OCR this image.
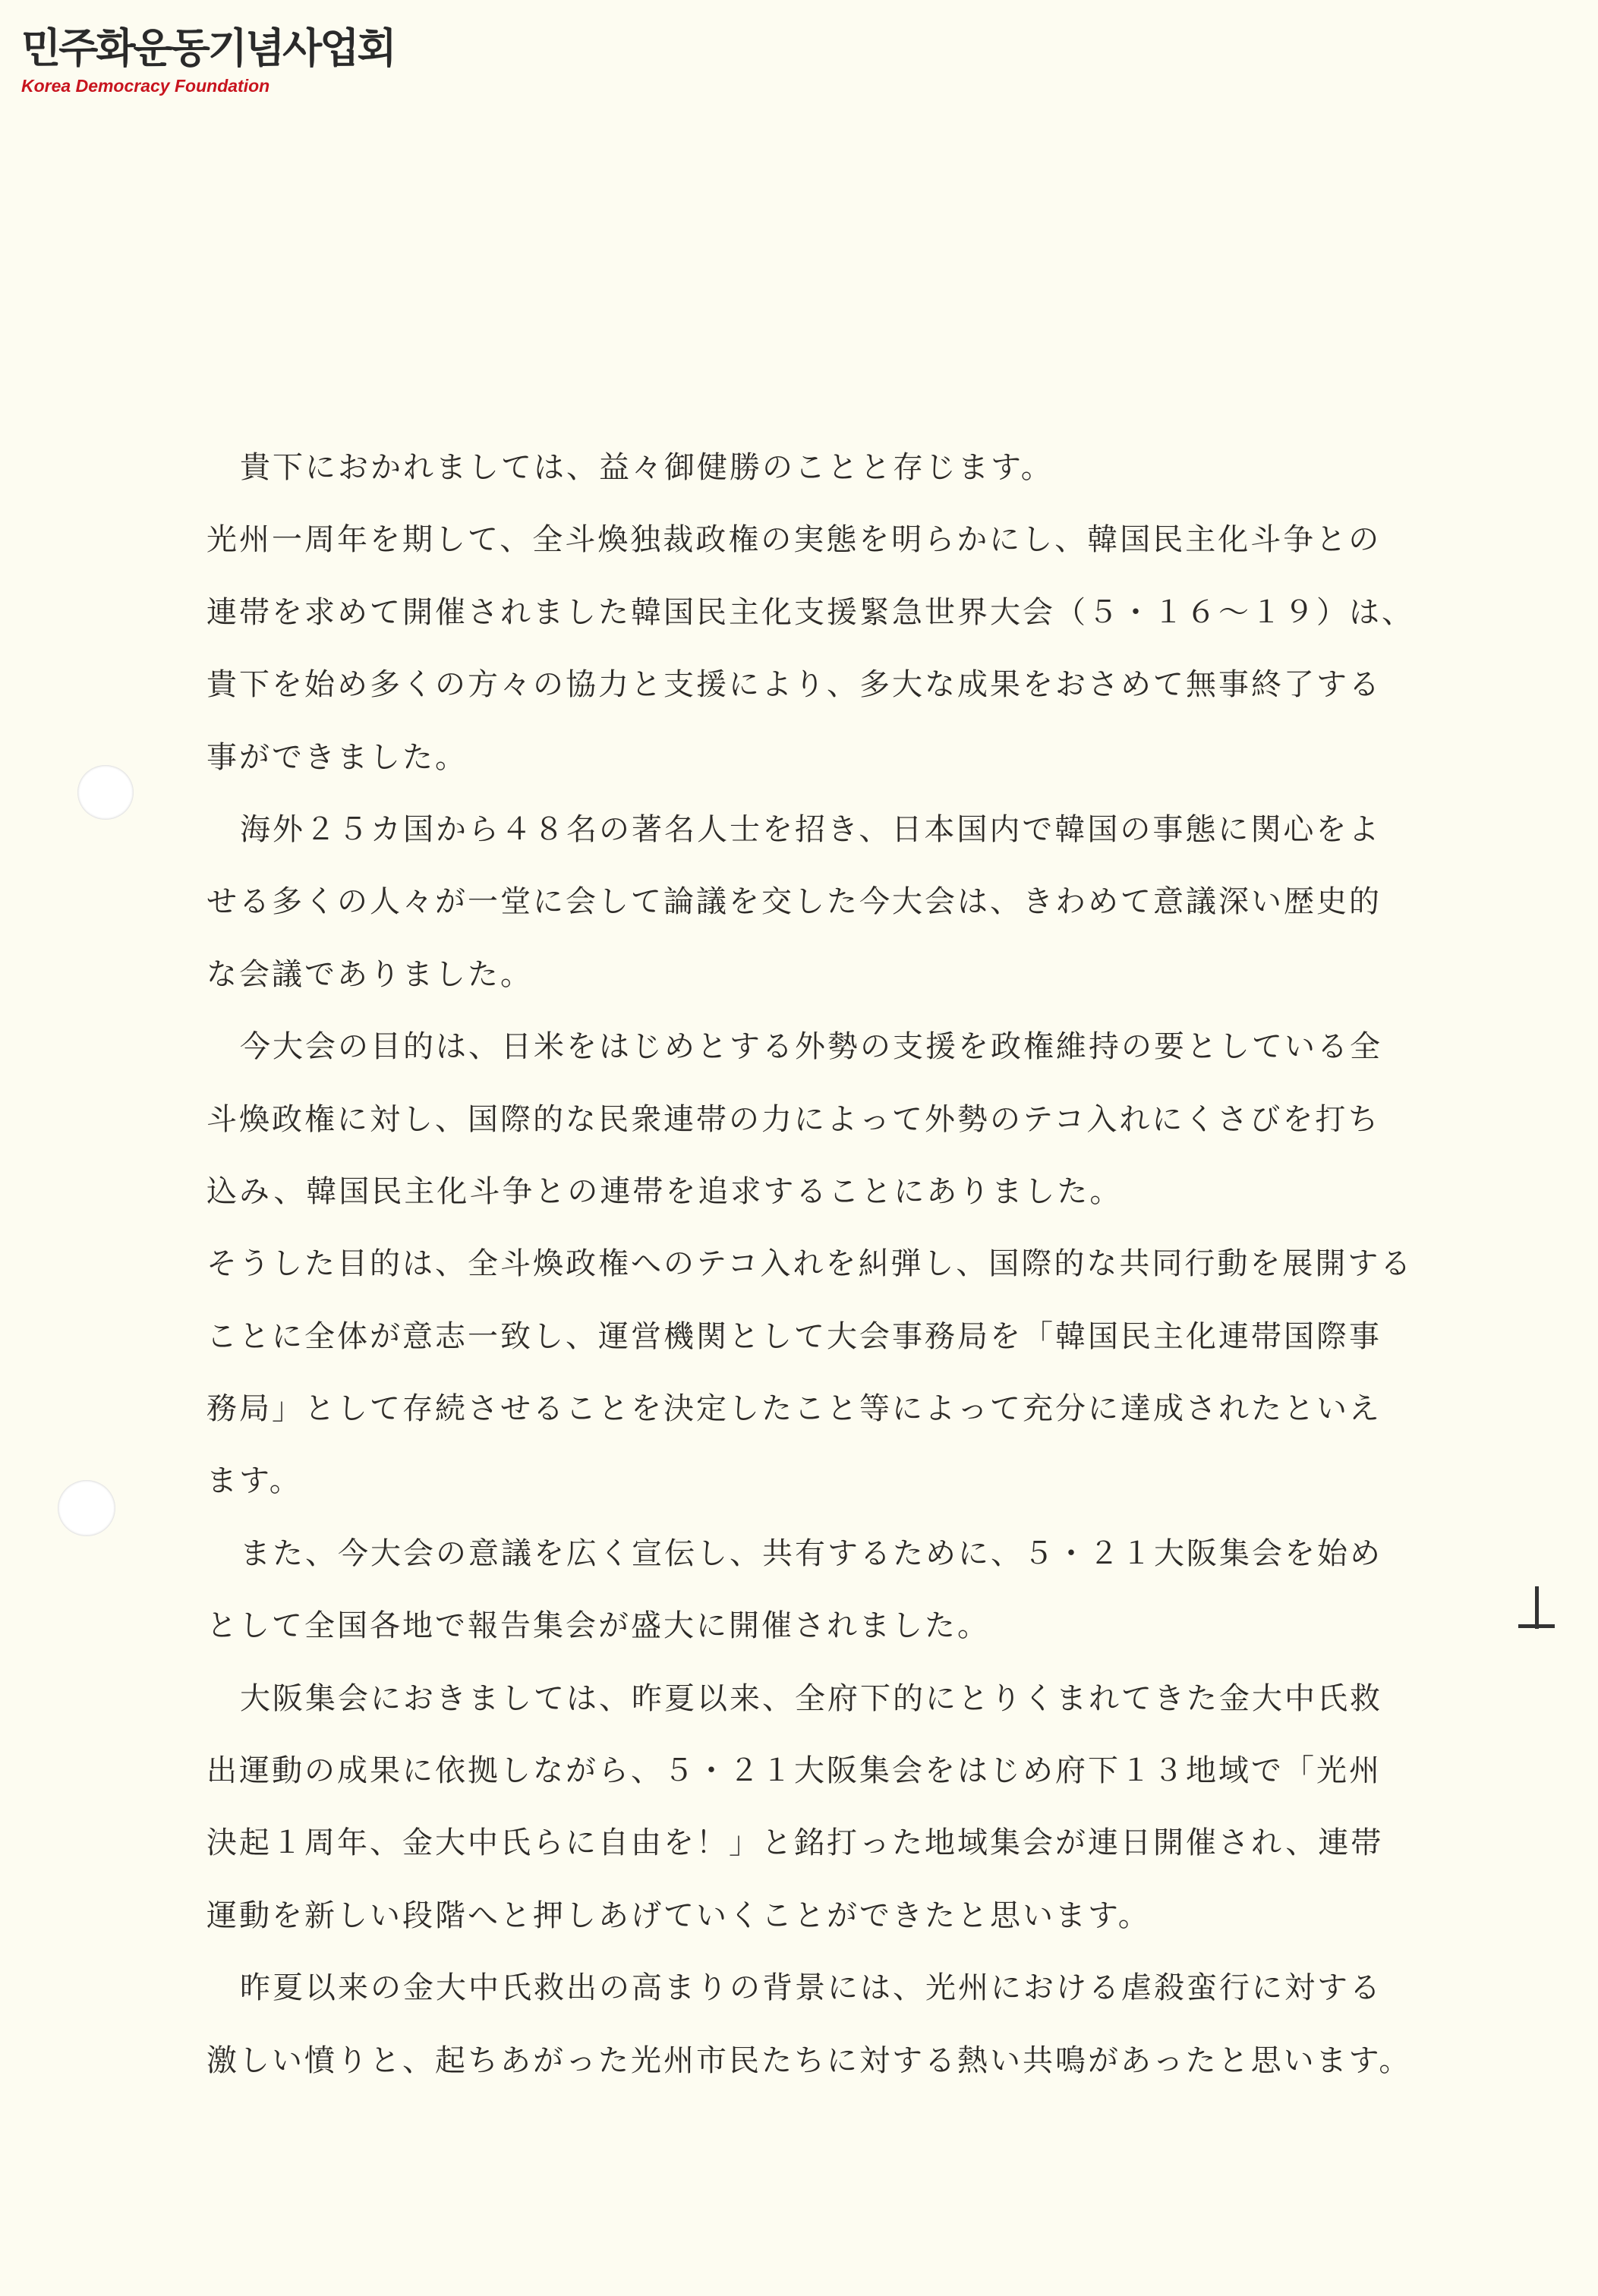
민주화운동기념사업회
Korea Democracy Foundation
貴下におかれましては、益々御健勝のことと存じます。
光州一周年を期して、全斗煥独裁政権の実態を明らかにし、韓国民主化斗争との
連帯を求めて開催されました韓国民主化支援緊急世界大会（５・１６～１９）は、
貴下を始め多くの方々の協力と支援により、多大な成果をおさめて無事終了する
事ができました。
海外２５カ国から４８名の著名人士を招き、日本国内で韓国の事態に関心をよ
せる多くの人々が一堂に会して論議を交した今大会は、きわめて意議深い歴史的
な会議でありました。
今大会の目的は、日米をはじめとする外勢の支援を政権維持の要としている全
斗煥政権に対し、国際的な民衆連帯の力によって外勢のテコ入れにくさびを打ち
込み、韓国民主化斗争との連帯を追求することにありました。
そうした目的は、全斗煥政権へのテコ入れを糾弾し、国際的な共同行動を展開する
ことに全体が意志一致し、運営機関として大会事務局を「韓国民主化連帯国際事
務局」として存続させることを決定したこと等によって充分に達成されたといえ
ます。
また、今大会の意議を広く宣伝し、共有するために、５・２１大阪集会を始め
として全国各地で報告集会が盛大に開催されました。
大阪集会におきましては、昨夏以来、全府下的にとりくまれてきた金大中氏救
出運動の成果に依拠しながら、５・２１大阪集会をはじめ府下１３地域で「光州
決起１周年、金大中氏らに自由を！」と銘打った地域集会が連日開催され、連帯
運動を新しい段階へと押しあげていくことができたと思います。
昨夏以来の金大中氏救出の高まりの背景には、光州における虐殺蛮行に対する
激しい憤りと、起ちあがった光州市民たちに対する熱い共鳴があったと思います。
